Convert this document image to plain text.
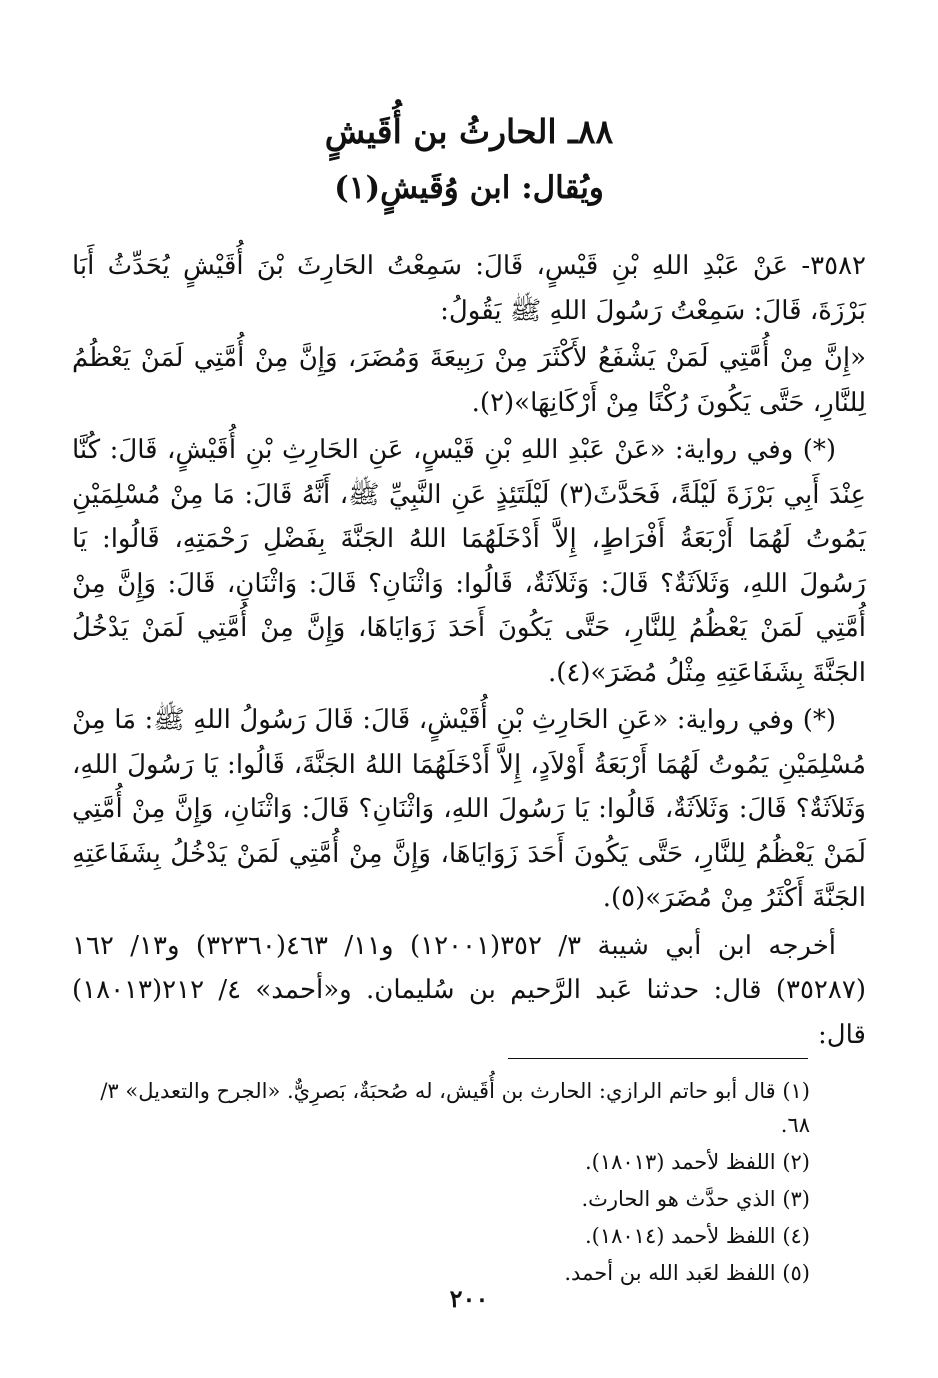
٨٨ـ الحارثُ بن أُقَيشٍ
ويُقال: ابن وُقَيشٍ(١)

٣٥٨٢- عَنْ عَبْدِ اللهِ بْنِ قَيْسٍ، قَالَ: سَمِعْتُ الحَارِثَ بْنَ أُقَيْشٍ يُحَدِّثُ أَبَا بَرْزَةَ، قَالَ: سَمِعْتُ رَسُولَ اللهِ ﷺ يَقُولُ:

«إِنَّ مِنْ أُمَّتِي لَمَنْ يَشْفَعُ لأَكْثَرَ مِنْ رَبِيعَةَ وَمُضَرَ، وَإِنَّ مِنْ أُمَّتِي لَمَنْ يَعْظُمُ لِلنَّارِ، حَتَّى يَكُونَ رُكْنًا مِنْ أَرْكَانِهَا»(٢).

(*) وفي رواية: «عَنْ عَبْدِ اللهِ بْنِ قَيْسٍ، عَنِ الحَارِثِ بْنِ أُقَيْشٍ، قَالَ: كُنَّا عِنْدَ أَبِي بَرْزَةَ لَيْلَةً، فَحَدَّثَ(٣) لَيْلَتَئِذٍ عَنِ النَّبِيِّ ﷺ، أَنَّهُ قَالَ: مَا مِنْ مُسْلِمَيْنِ يَمُوتُ لَهُمَا أَرْبَعَةُ أَفْرَاطٍ، إِلاَّ أَدْخَلَهُمَا اللهُ الجَنَّةَ بِفَضْلِ رَحْمَتِهِ، قَالُوا: يَا رَسُولَ اللهِ، وَثَلاَثَةٌ؟ قَالَ: وَثَلاَثَةٌ، قَالُوا: وَاثْنَانِ؟ قَالَ: وَاثْنَانِ، قَالَ: وَإِنَّ مِنْ أُمَّتِي لَمَنْ يَعْظُمُ لِلنَّارِ، حَتَّى يَكُونَ أَحَدَ زَوَايَاهَا، وَإِنَّ مِنْ أُمَّتِي لَمَنْ يَدْخُلُ الجَنَّةَ بِشَفَاعَتِهِ مِثْلُ مُضَرَ»(٤).

(*) وفي رواية: «عَنِ الحَارِثِ بْنِ أُقَيْشٍ، قَالَ: قَالَ رَسُولُ اللهِ ﷺ: مَا مِنْ مُسْلِمَيْنِ يَمُوتُ لَهُمَا أَرْبَعَةُ أَوْلاَدٍ، إِلاَّ أَدْخَلَهُمَا اللهُ الجَنَّةَ، قَالُوا: يَا رَسُولَ اللهِ، وَثَلاَثَةٌ؟ قَالَ: وَثَلاَثَةٌ، قَالُوا: يَا رَسُولَ اللهِ، وَاثْنَانِ؟ قَالَ: وَاثْنَانِ، وَإِنَّ مِنْ أُمَّتِي لَمَنْ يَعْظُمُ لِلنَّارِ، حَتَّى يَكُونَ أَحَدَ زَوَايَاهَا، وَإِنَّ مِنْ أُمَّتِي لَمَنْ يَدْخُلُ بِشَفَاعَتِهِ الجَنَّةَ أَكْثَرُ مِنْ مُضَرَ»(٥).

أخرجه ابن أبي شيبة ٣/ ٣٥٢(١٢٠٠١) و١١/ ٤٦٣(٣٢٣٦٠) و١٣/ ١٦٢ (٣٥٢٨٧) قال: حدثنا عَبد الرَّحيم بن سُليمان. و«أحمد» ٤/ ٢١٢(١٨٠١٣) قال:

(١) قال أبو حاتم الرازي: الحارث بن أُقَيش، له صُحبَةٌ، بَصرِيٌّ. «الجرح والتعديل» ٣/ ٦٨.

(٢) اللفظ لأحمد (١٨٠١٣).

(٣) الذي حدَّث هو الحارث.

(٤) اللفظ لأحمد (١٨٠١٤).

(٥) اللفظ لعَبد الله بن أحمد.

٢٠٠
